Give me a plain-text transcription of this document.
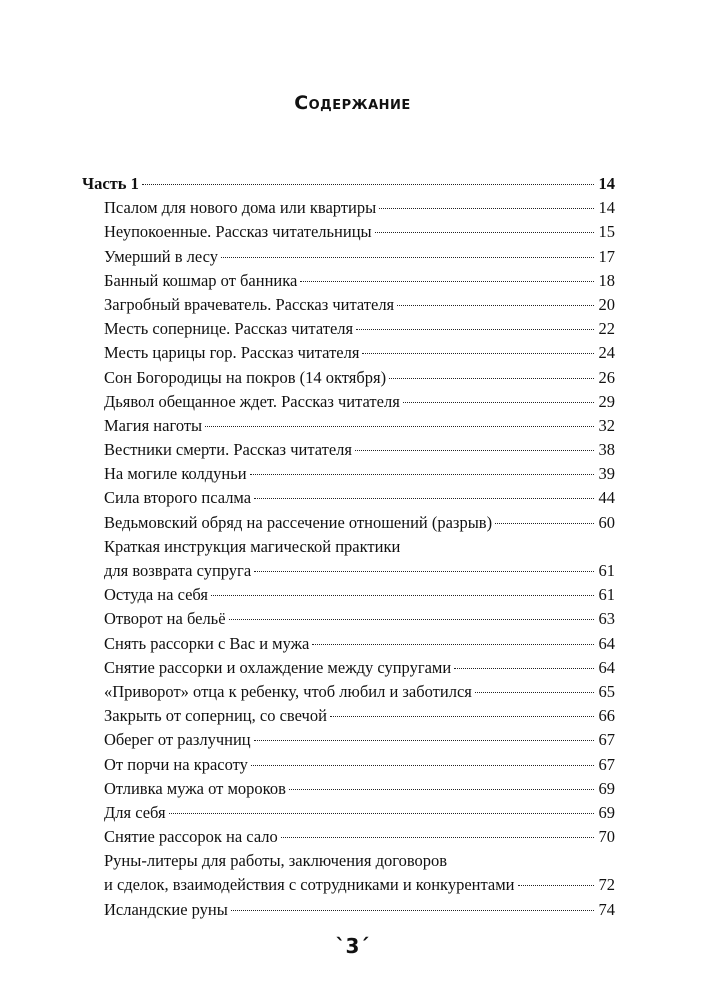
Содержание
Часть 1	14
Псалом для нового дома или квартиры	14
Неупокоенные. Рассказ читательницы	15
Умерший в лесу	17
Банный кошмар от банника	18
Загробный врачеватель. Рассказ читателя	20
Месть сопернице. Рассказ читателя	22
Месть царицы гор. Рассказ читателя	24
Сон Богородицы на покров (14 октября)	26
Дьявол обещанное ждет. Рассказ читателя	29
Магия наготы	32
Вестники смерти. Рассказ читателя	38
На могиле колдуньи	39
Сила второго псалма	44
Ведьмовский обряд на рассечение отношений (разрыв)	60
Краткая инструкция магической практики
для возврата супруга	61
Остуда на себя	61
Отворот на бельё	63
Снять рассорки с Вас и мужа	64
Снятие рассорки и охлаждение между супругами	64
«Приворот» отца к ребенку, чтоб любил и заботился	65
Закрыть от соперниц, со свечой	66
Оберег от разлучниц	67
От порчи на красоту	67
Отливка мужа от мороков	69
Для себя	69
Снятие рассорок на сало	70
Руны-литеры для работы, заключения договоров
и сделок, взаимодействия с сотрудниками и конкурентами	72
Исландские руны	74
`3´
